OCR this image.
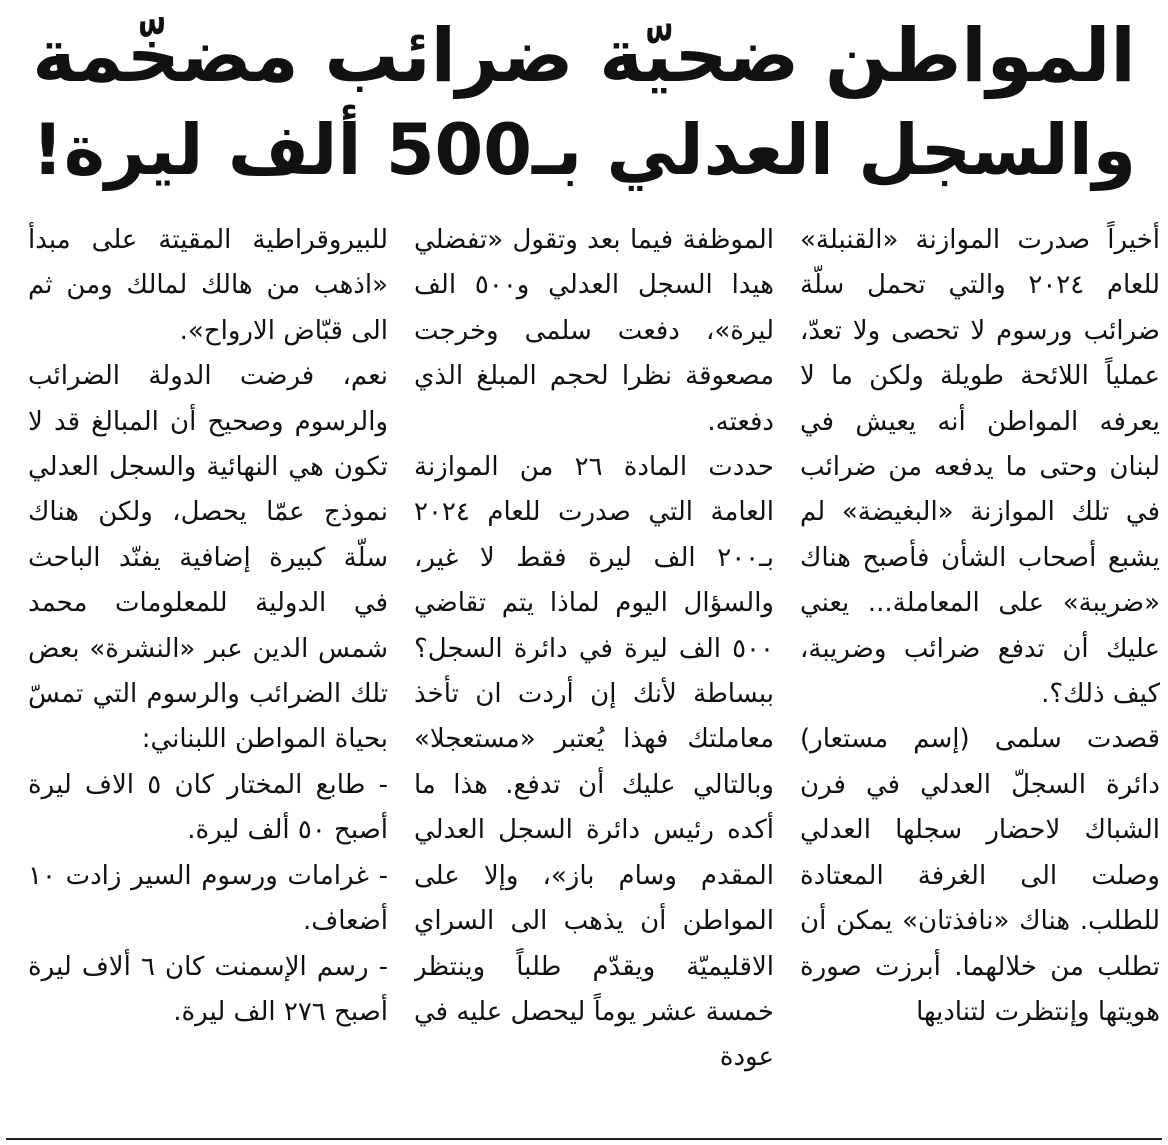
المواطن ضحيّة ضرائب مضخّمة
والسجل العدلي بـ500 ألف ليرة!

أخيراً صدرت الموازنة «القنبلة» للعام ٢٠٢٤ والتي تحمل سلّة ضرائب ورسوم لا تحصى ولا تعدّ، عملياً اللائحة طويلة ولكن ما لا يعرفه المواطن أنه يعيش في لبنان وحتى ما يدفعه من ضرائب في تلك الموازنة «البغيضة» لم يشبع أصحاب الشأن فأصبح هناك «ضريبة» على المعاملة... يعني عليك أن تدفع ضرائب وضريبة، كيف ذلك؟.

قصدت سلمى (إسم مستعار) دائرة السجلّ العدلي في فرن الشباك لاحضار سجلها العدلي وصلت الى الغرفة المعتادة للطلب. هناك «نافذتان» يمكن أن تطلب من خلالهما. أبرزت صورة هويتها وإنتظرت لتناديها

الموظفة فيما بعد وتقول «تفضلي هيدا السجل العدلي و٥٠٠ الف ليرة»، دفعت سلمى وخرجت مصعوقة نظرا لحجم المبلغ الذي دفعته.

حددت المادة ٢٦ من الموازنة العامة التي صدرت للعام ٢٠٢٤ بـ٢٠٠ الف ليرة فقط لا غير، والسؤال اليوم لماذا يتم تقاضي ٥٠٠ الف ليرة في دائرة السجل؟ ببساطة لأنك إن أردت ان تأخذ معاملتك فهذا يُعتبر «مستعجلا» وبالتالي عليك أن تدفع. هذا ما أكده رئيس دائرة السجل العدلي المقدم وسام باز»، وإلا على المواطن أن يذهب الى السراي الاقليميّة ويقدّم طلباً وينتظر خمسة عشر يوماً ليحصل عليه في عودة

للبيروقراطية المقيتة على مبدأ «اذهب من هالك لمالك ومن ثم الى قبّاض الارواح».

نعم، فرضت الدولة الضرائب والرسوم وصحيح أن المبالغ قد لا تكون هي النهائية والسجل العدلي نموذج عمّا يحصل، ولكن هناك سلّة كبيرة إضافية يفنّد الباحث في الدولية للمعلومات محمد شمس الدين عبر «النشرة» بعض تلك الضرائب والرسوم التي تمسّ بحياة المواطن اللبناني:

- طابع المختار كان ٥ الاف ليرة أصبح ٥٠ ألف ليرة.

- غرامات ورسوم السير زادت ١٠ أضعاف.

- رسم الإسمنت كان ٦ ألاف ليرة أصبح ٢٧٦ الف ليرة.
